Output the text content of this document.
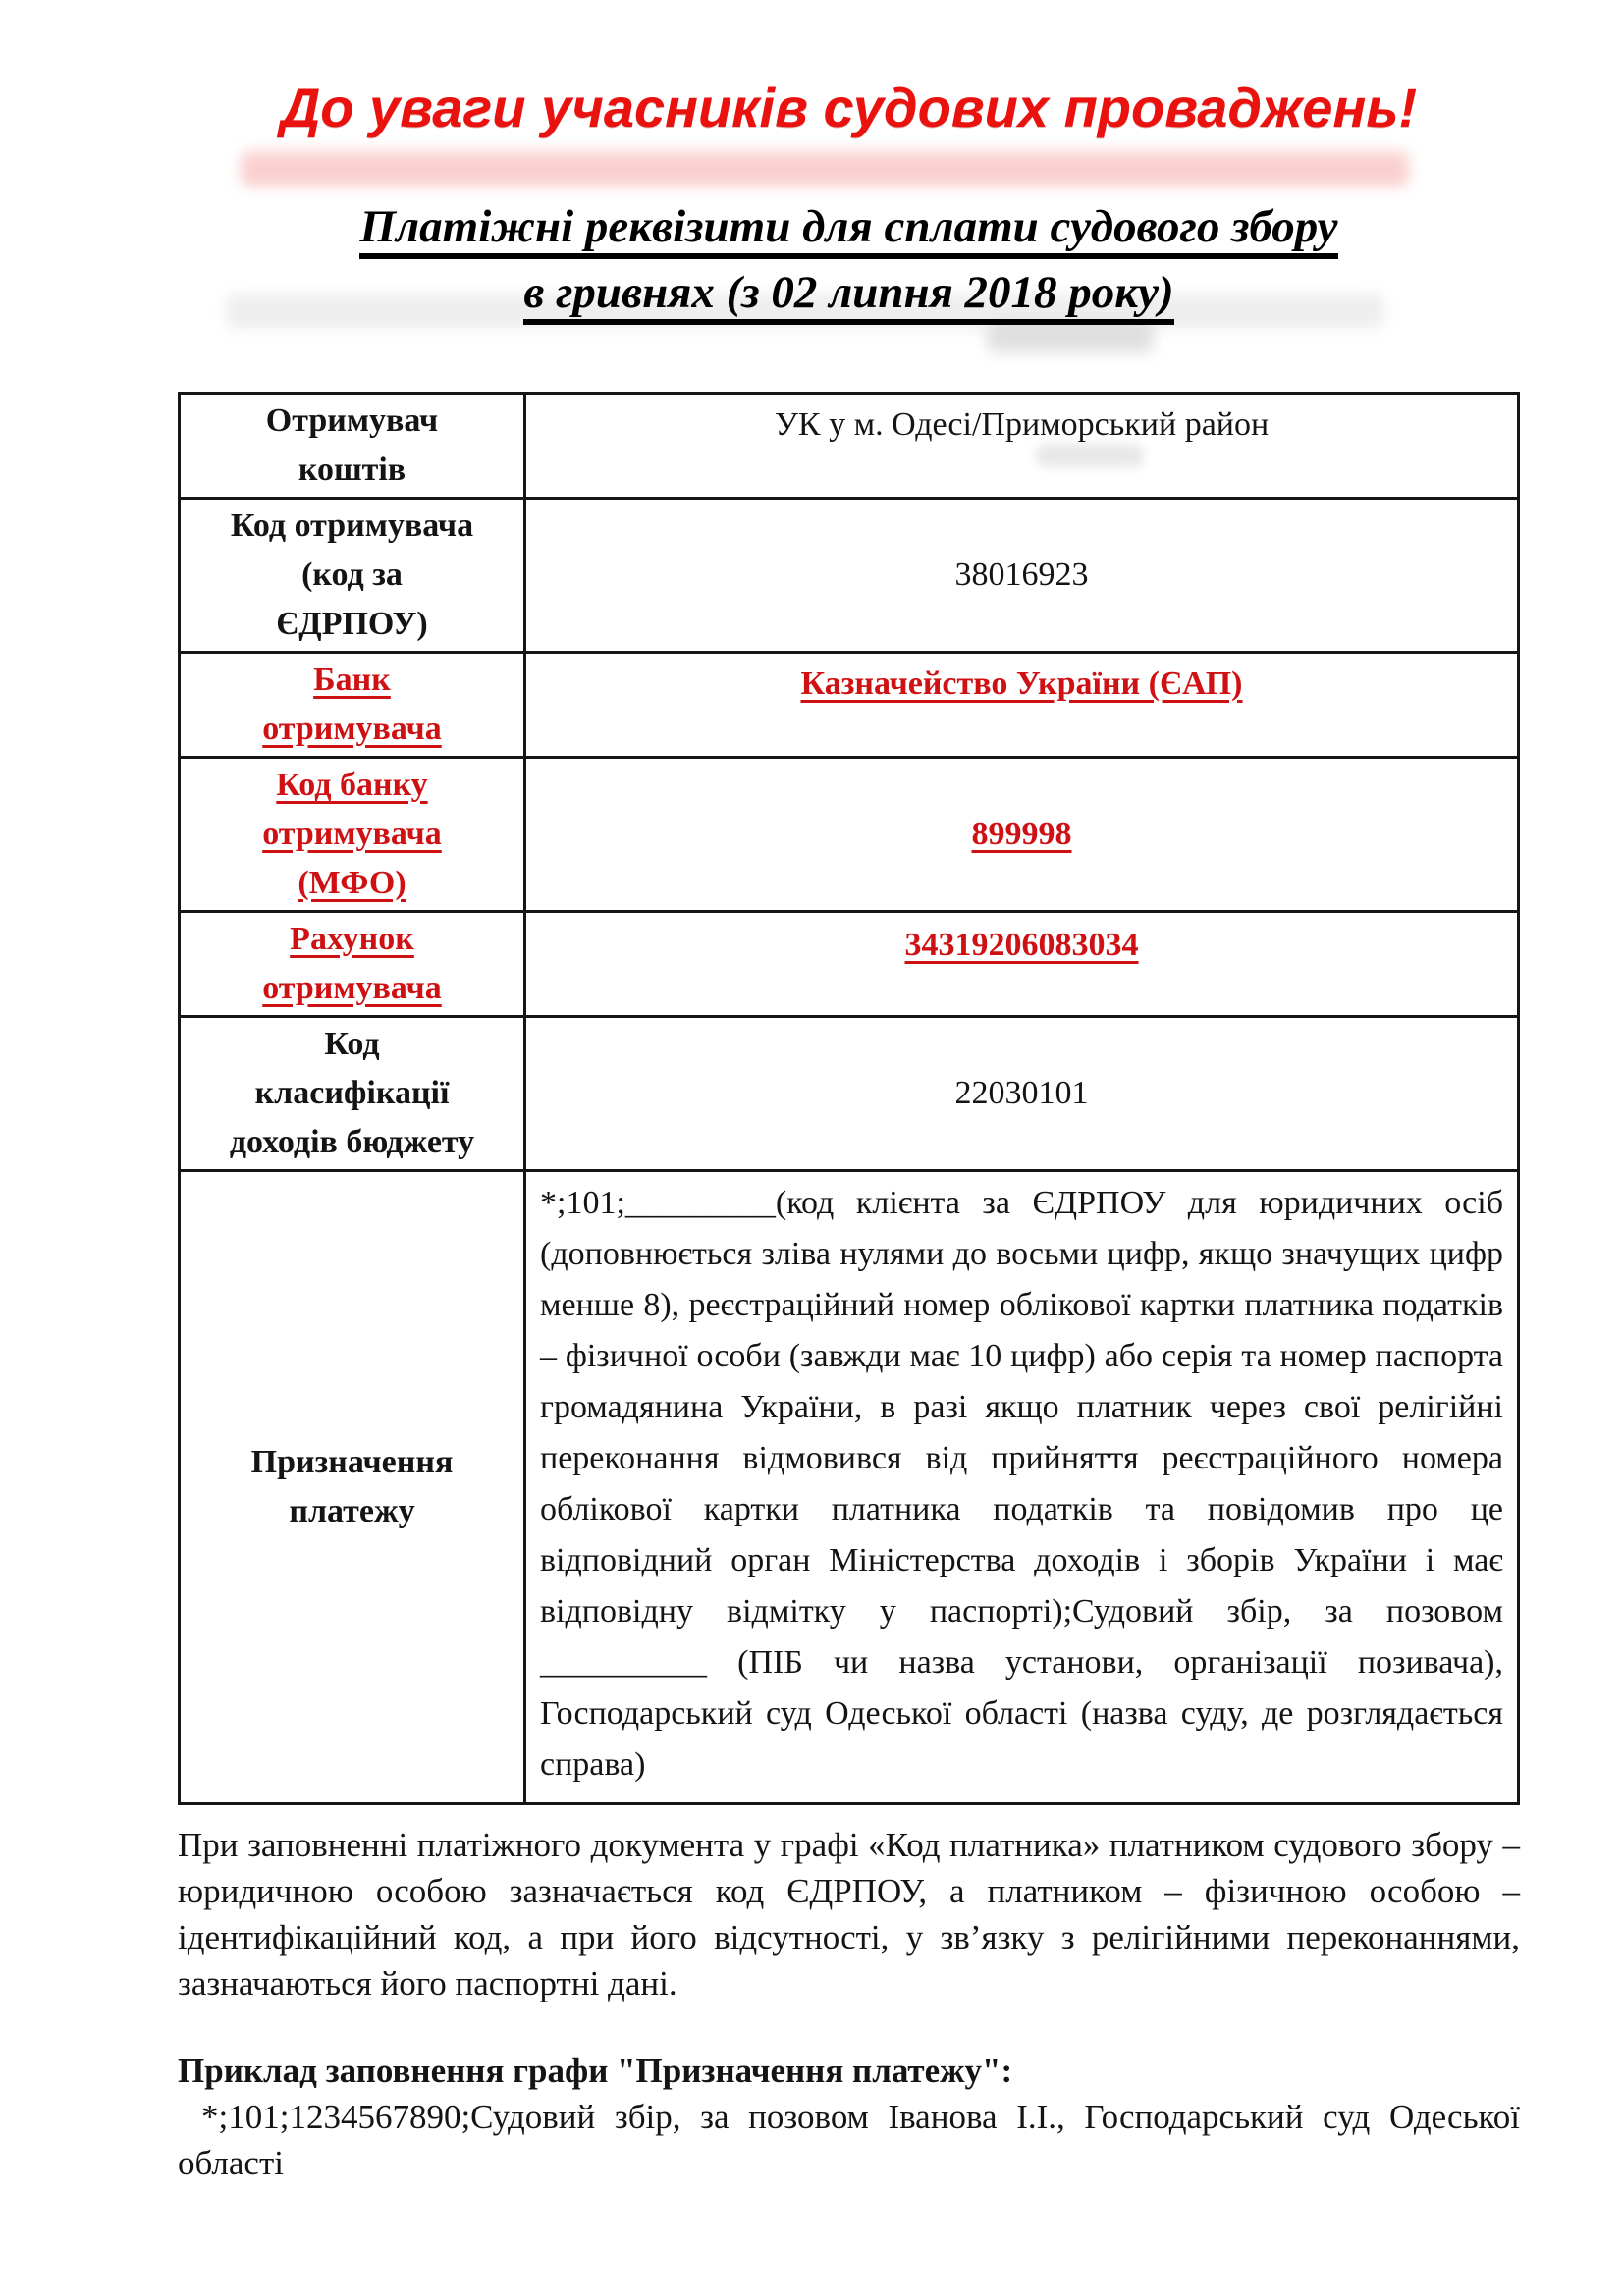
До уваги учасників судових проваджень!
Платіжні реквізити для сплати судового збору
в гривнях (з 02 липня 2018 року)
Отримувач
коштів	УК у м. Одесі/Приморський район

Код отримувача
(код за
ЄДРПОУ)	38016923

Банк
отримувача	Казначейство України (ЄАП)

Код банку
отримувача
(МФО)	899998

Рахунок
отримувача	34319206083034

Код
класифікації
доходів бюджету	22030101

Призначення
платежу	*;101;_________(код клієнта за ЄДРПОУ для юридичних осіб (доповнюється зліва нулями до восьми цифр, якщо значущих цифр менше 8), реєстраційний номер облікової картки платника податків – фізичної особи (завжди має 10 цифр) або серія та номер паспорта громадянина України, в разі якщо платник через свої релігійні переконання відмовився від прийняття реєстраційного номера облікової картки платника податків та повідомив про це відповідний орган Міністерства доходів і зборів України і має відповідну відмітку у паспорті);Судовий збір, за позовом __________ (ПІБ чи назва установи, організації позивача), Господарський суд Одеської області (назва суду, де розглядається справа)

При заповненні платіжного документа у графі «Код платника» платником судового збору – юридичною особою зазначається код ЄДРПОУ, а платником – фізичною особою – ідентифікаційний код, а при його відсутності, у зв’язку з релігійними переконаннями, зазначаються його паспортні дані.

Приклад заповнення графи "Призначення платежу":
*;101;1234567890;Судовий збір, за позовом Іванова І.І., Господарський суд Одеської області
